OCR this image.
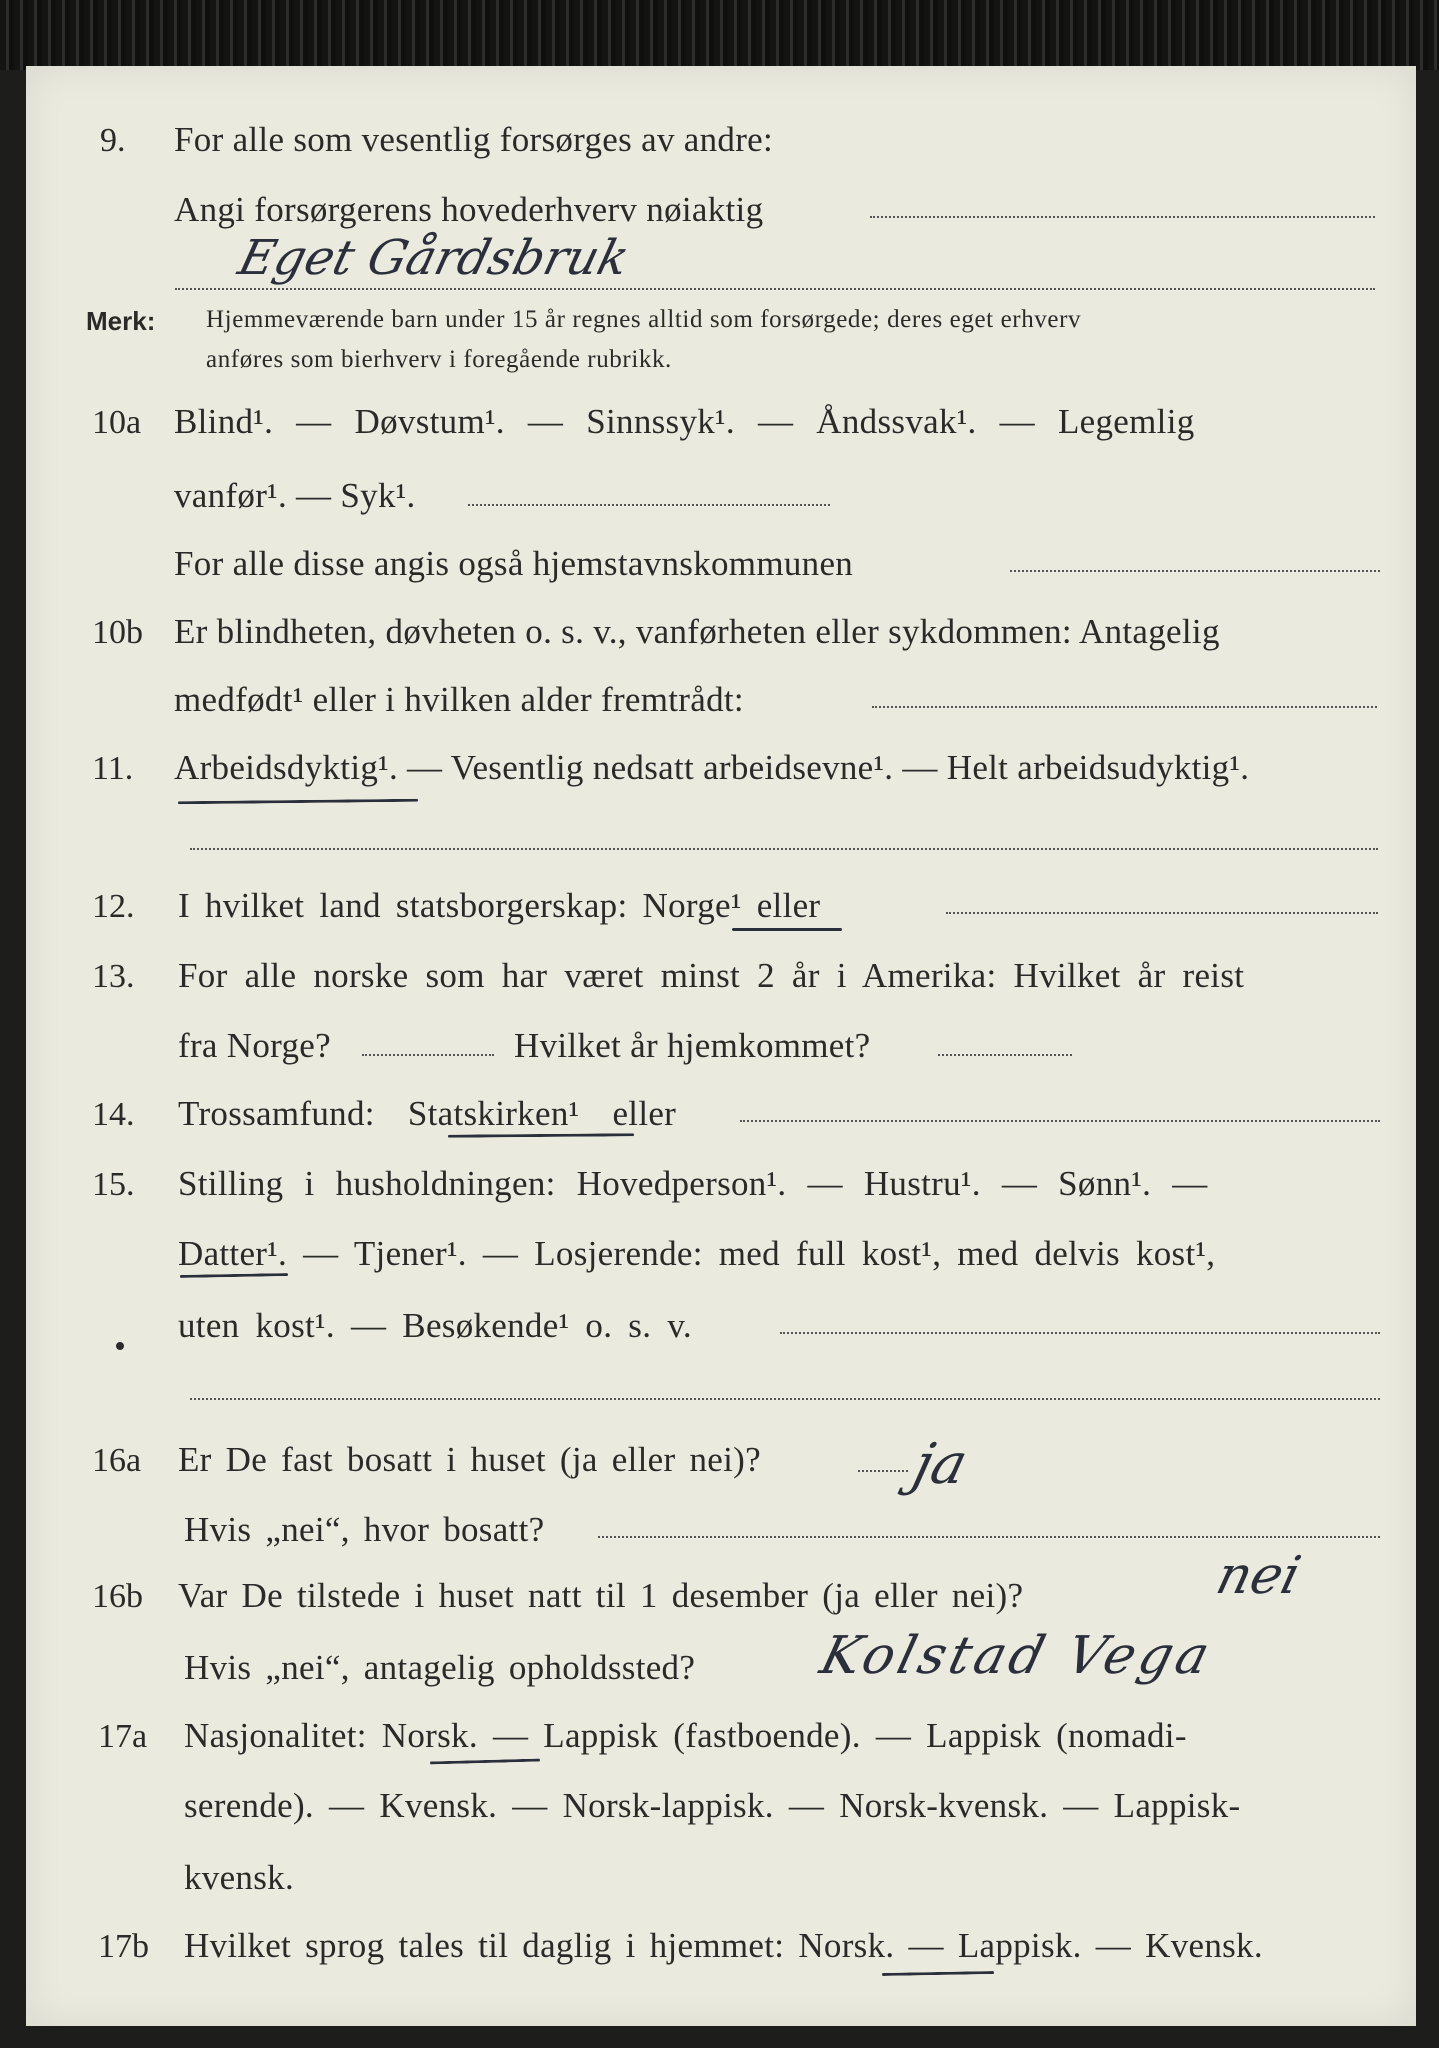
9. For alle som vesentlig forsørges av andre:
Angi forsørgerens hovederhverv nøiaktig
Eget Gårdsbruk
Merk: Hjemmeværende barn under 15 år regnes alltid som forsørgede; deres eget erhverv
anføres som bierhverv i foregående rubrikk.
10a Blind¹. — Døvstum¹. — Sinnssyk¹. — Åndssvak¹. — Legemlig
vanfør¹. — Syk¹.
For alle disse angis også hjemstavnskommunen
10b Er blindheten, døvheten o. s. v., vanførheten eller sykdommen: Antagelig
medfødt¹ eller i hvilken alder fremtrådt:
11. Arbeidsdyktig¹. — Vesentlig nedsatt arbeidsevne¹. — Helt arbeidsudyktig¹.
12. I hvilket land statsborgerskap: Norge¹ eller
13. For alle norske som har været minst 2 år i Amerika: Hvilket år reist
fra Norge?	Hvilket år hjemkommet?
14. Trossamfund: Statskirken¹ eller
15. Stilling i husholdningen: Hovedperson¹. — Hustru¹. — Sønn¹. —
Datter¹. — Tjener¹. — Losjerende: med full kost¹, med delvis kost¹,
uten kost¹. — Besøkende¹ o. s. v.
16a Er De fast bosatt i huset (ja eller nei)?	ja
Hvis „nei“, hvor bosatt?
16b Var De tilstede i huset natt til 1 desember (ja eller nei)?	nei
Hvis „nei“, antagelig opholdssted? Kolstad Vega
17a Nasjonalitet: Norsk. — Lappisk (fastboende). — Lappisk (nomadi-
serende). — Kvensk. — Norsk-lappisk. — Norsk-kvensk. — Lappisk-
kvensk.
17b Hvilket sprog tales til daglig i hjemmet: Norsk. — Lappisk. — Kvensk.
